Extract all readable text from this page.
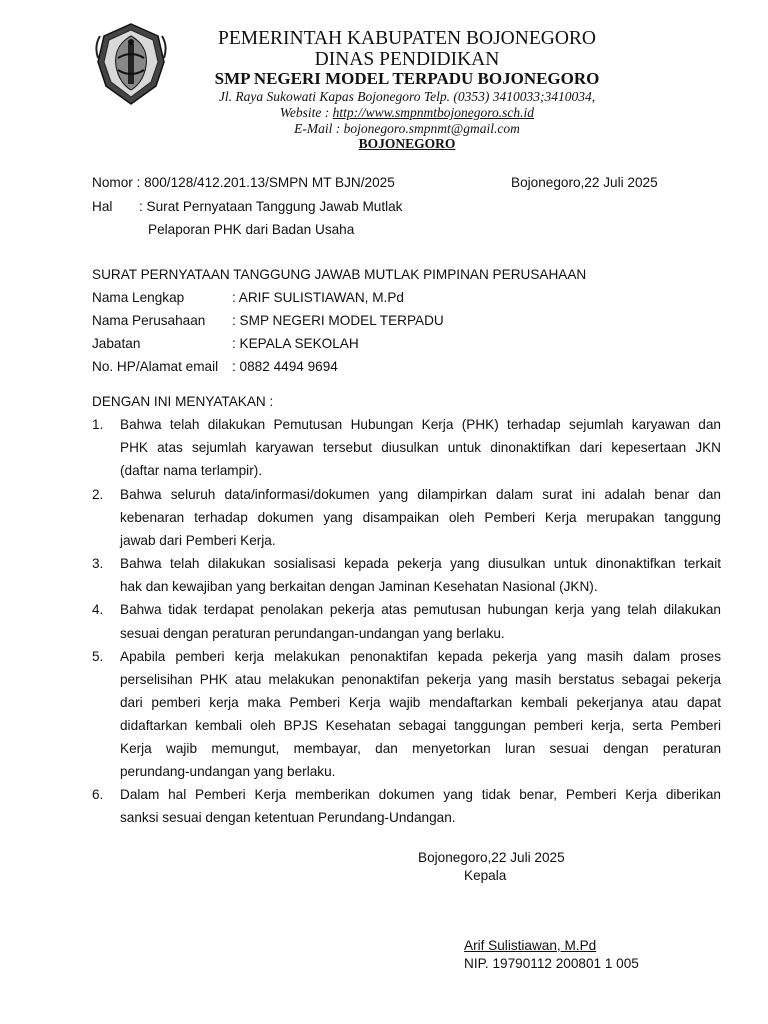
PEMERINTAH KABUPATEN BOJONEGORO
DINAS PENDIDIKAN
SMP NEGERI MODEL TERPADU BOJONEGORO
Jl. Raya Sukowati Kapas Bojonegoro Telp. (0353) 3410033;3410034,
Website : http://www.smpnmtbojonegoro.sch.id
E-Mail : bojonegoro.smpnmt@gmail.com
BOJONEGORO
Nomor : 800/128/412.201.13/SMPN MT BJN/2025	Bojonegoro,22 Juli 2025
Hal : Surat Pernyataan Tanggung Jawab Mutlak
Pelaporan PHK dari Badan Usaha
SURAT PERNYATAAN TANGGUNG JAWAB MUTLAK PIMPINAN PERUSAHAAN
Nama Lengkap	: ARIF SULISTIAWAN, M.Pd
Nama Perusahaan : SMP NEGERI MODEL TERPADU
Jabatan	: KEPALA SEKOLAH
No. HP/Alamat email : 0882 4494 9694
DENGAN INI MENYATAKAN :
1. Bahwa telah dilakukan Pemutusan Hubungan Kerja (PHK) terhadap sejumlah karyawan dan
PHK atas sejumlah karyawan tersebut diusulkan untuk dinonaktifkan dari kepesertaan JKN
(daftar nama terlampir).
2. Bahwa seluruh data/informasi/dokumen yang dilampirkan dalam surat ini adalah benar dan
kebenaran terhadap dokumen yang disampaikan oleh Pemberi Kerja merupakan tanggung
jawab dari Pemberi Kerja.
3. Bahwa telah dilakukan sosialisasi kepada pekerja yang diusulkan untuk dinonaktifkan terkait
hak dan kewajiban yang berkaitan dengan Jaminan Kesehatan Nasional (JKN).
4. Bahwa tidak terdapat penolakan pekerja atas pemutusan hubungan kerja yang telah dilakukan
sesuai dengan peraturan perundangan-undangan yang berlaku.
5. Apabila pemberi kerja melakukan penonaktifan kepada pekerja yang masih dalam proses
perselisihan PHK atau melakukan penonaktifan pekerja yang masih berstatus sebagai pekerja
dari pemberi kerja maka Pemberi Kerja wajib mendaftarkan kembali pekerjanya atau dapat
didaftarkan kembali oleh BPJS Kesehatan sebagai tanggungan pemberi kerja, serta Pemberi
Kerja wajib memungut, membayar, dan menyetorkan luran sesuai dengan peraturan
perundang-undangan yang berlaku.
6. Dalam hal Pemberi Kerja memberikan dokumen yang tidak benar, Pemberi Kerja diberikan
sanksi sesuai dengan ketentuan Perundang-Undangan.
Bojonegoro,22 Juli 2025
Kepala
Arif Sulistiawan, M.Pd
NIP. 19790112 200801 1 005
